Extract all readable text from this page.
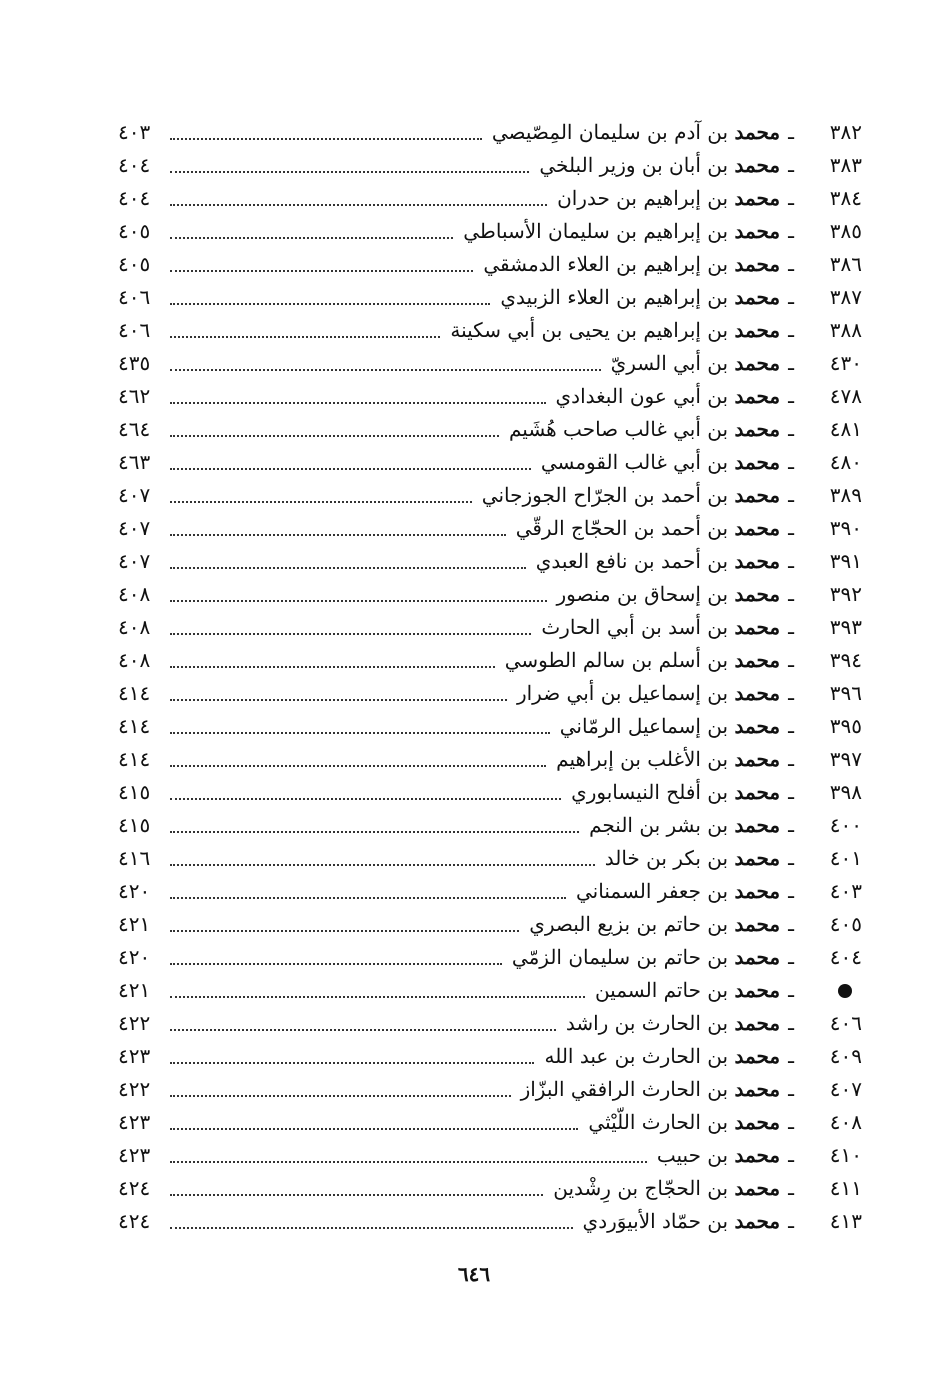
٣٨٢
ـ
محمد بن آدم بن سليمان المِصّيصي
٤٠٣
٣٨٣
ـ
محمد بن أبان بن وزير البلخي
٤٠٤
٣٨٤
ـ
محمد بن إبراهيم بن حدران
٤٠٤
٣٨٥
ـ
محمد بن إبراهيم بن سليمان الأسباطي
٤٠٥
٣٨٦
ـ
محمد بن إبراهيم بن العلاء الدمشقي
٤٠٥
٣٨٧
ـ
محمد بن إبراهيم بن العلاء الزبيدي
٤٠٦
٣٨٨
ـ
محمد بن إبراهيم بن يحيى بن أبي سكينة
٤٠٦
٤٣٠
ـ
محمد بن أبي السريّ
٤٣٥
٤٧٨
ـ
محمد بن أبي عون البغدادي
٤٦٢
٤٨١
ـ
محمد بن أبي غالب صاحب هُشَيم
٤٦٤
٤٨٠
ـ
محمد بن أبي غالب القومسي
٤٦٣
٣٨٩
ـ
محمد بن أحمد بن الجرّاح الجوزجاني
٤٠٧
٣٩٠
ـ
محمد بن أحمد بن الحجّاج الرقّي
٤٠٧
٣٩١
ـ
محمد بن أحمد بن نافع العبدي
٤٠٧
٣٩٢
ـ
محمد بن إسحاق بن منصور
٤٠٨
٣٩٣
ـ
محمد بن أسد بن أبي الحارث
٤٠٨
٣٩٤
ـ
محمد بن أسلم بن سالم الطوسي
٤٠٨
٣٩٦
ـ
محمد بن إسماعيل بن أبي ضرار
٤١٤
٣٩٥
ـ
محمد بن إسماعيل الرمّاني
٤١٤
٣٩٧
ـ
محمد بن الأغلب بن إبراهيم
٤١٤
٣٩٨
ـ
محمد بن أفلح النيسابوري
٤١٥
٤٠٠
ـ
محمد بن بشر بن النجم
٤١٥
٤٠١
ـ
محمد بن بكر بن خالد
٤١٦
٤٠٣
ـ
محمد بن جعفر السمناني
٤٢٠
٤٠٥
ـ
محمد بن حاتم بن بزيع البصري
٤٢١
٤٠٤
ـ
محمد بن حاتم بن سليمان الزمّي
٤٢٠
ـ
محمد بن حاتم السمين
٤٢١
٤٠٦
ـ
محمد بن الحارث بن راشد
٤٢٢
٤٠٩
ـ
محمد بن الحارث بن عبد الله
٤٢٣
٤٠٧
ـ
محمد بن الحارث الرافقي البزّاز
٤٢٢
٤٠٨
ـ
محمد بن الحارث اللّيْثي
٤٢٣
٤١٠
ـ
محمد بن حبيب
٤٢٣
٤١١
ـ
محمد بن الحجّاج بن رِشْدين
٤٢٤
٤١٣
ـ
محمد بن حمّاد الأبيوَردي
٤٢٤
٦٤٦
